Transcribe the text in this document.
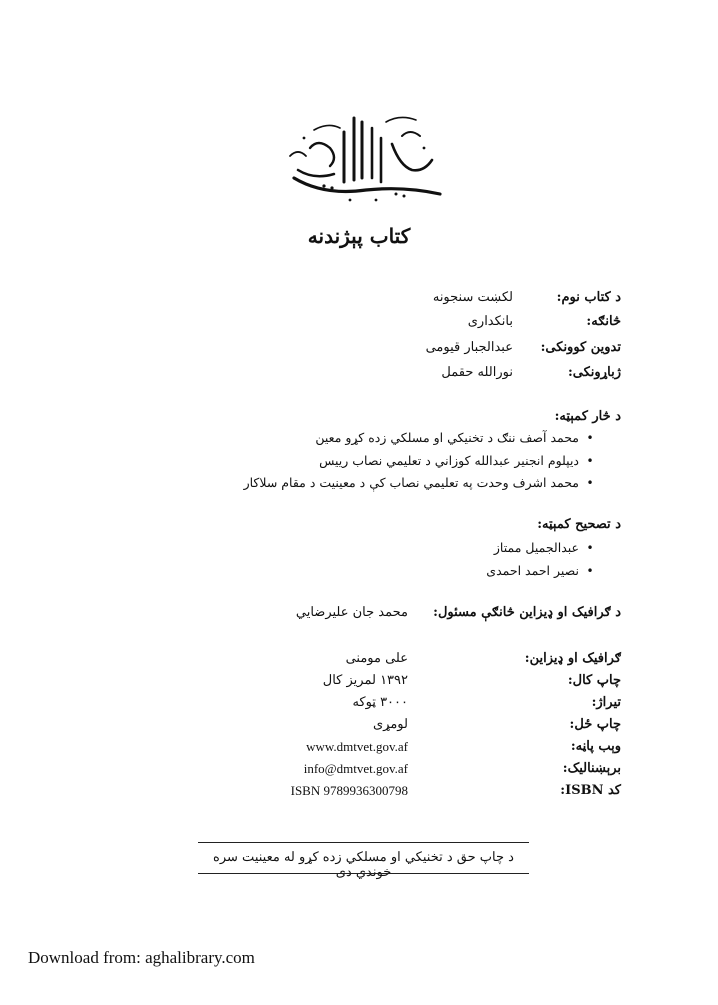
کتاب پېژندنه
د کتاب نوم:
لکښت سنجونه
څانګه:
بانکداری
تدوین کوونکی:
عبدالجبار قیومی
ژباړونکی:
نورالله حقمل
د څار کمېټه:
• محمد آصف ننګ د تخنیکي او مسلکي زده کړو معین
• دیپلوم انجنیر عبدالله کوزاني د تعلیمي نصاب رییس
• محمد اشرف وحدت په تعلیمي نصاب کې د معینیت د مقام سلاکار
د تصحیح کمېټه:
• عبدالجمیل ممتاز
• نصیر احمد احمدی
د ګرافیک او ډیزاین څانګې مسئول:
محمد جان علیرضایي
ګرافیک او ډیزاین:
علی مومنی
چاپ کال:
۱۳۹۲ لمریز کال
تیراژ:
۳۰۰۰ ټوکه
چاپ ځل:
لومړی
وېب پاڼه:
www.dmtvet.gov.af
برېښنالیک:
info@dmtvet.gov.af
کد ISBN:
ISBN 9789936300798
د چاپ حق د تخنیکي او مسلکي زده کړو له معینیت سره خوندي دی
Download from: aghalibrary.com
